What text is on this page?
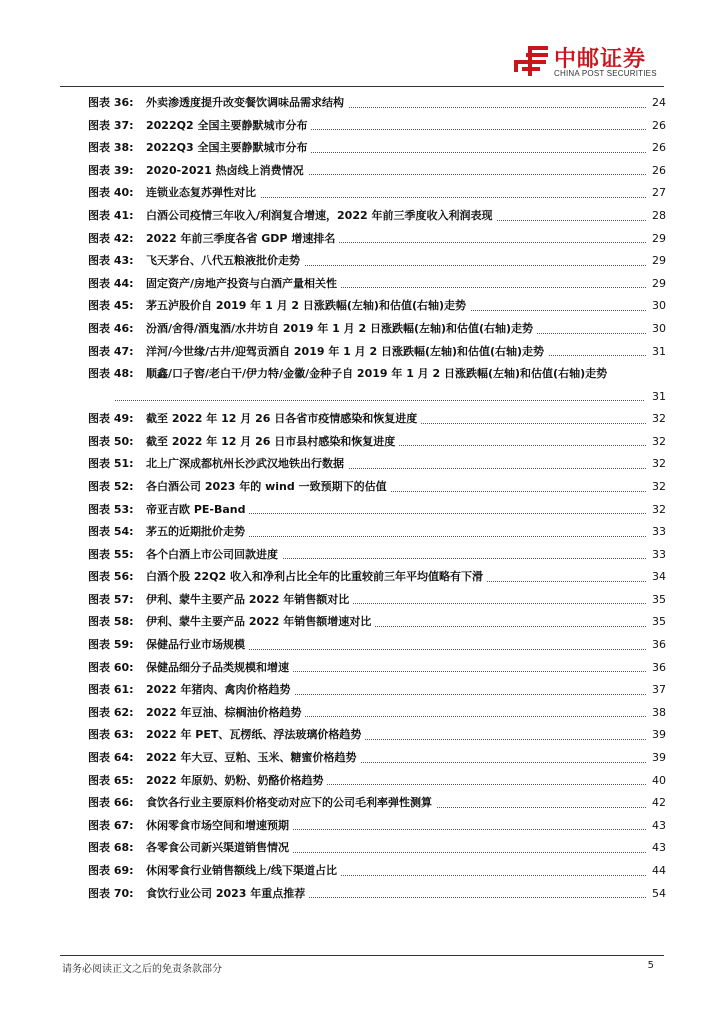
中邮证券
CHINA POST SECURITIES
图表 36:	外卖渗透度提升改变餐饮调味品需求结构	24
图表 37:	2022Q2 全国主要静默城市分布	26
图表 38:	2022Q3 全国主要静默城市分布	26
图表 39:	2020-2021 热卤线上消费情况	26
图表 40:	连锁业态复苏弹性对比	27
图表 41:	白酒公司疫情三年收入/利润复合增速，2022 年前三季度收入利润表现	28
图表 42:	2022 年前三季度各省 GDP 增速排名	29
图表 43:	飞天茅台、八代五粮液批价走势	29
图表 44:	固定资产/房地产投资与白酒产量相关性	29
图表 45:	茅五泸股价自 2019 年 1 月 2 日涨跌幅(左轴)和估值(右轴)走势	30
图表 46:	汾酒/舍得/酒鬼酒/水井坊自 2019 年 1 月 2 日涨跌幅(左轴)和估值(右轴)走势	30
图表 47:	洋河/今世缘/古井/迎驾贡酒自 2019 年 1 月 2 日涨跌幅(左轴)和估值(右轴)走势	31
图表 48:	顺鑫/口子窖/老白干/伊力特/金徽/金种子自 2019 年 1 月 2 日涨跌幅(左轴)和估值(右轴)走势
31
图表 49:	截至 2022 年 12 月 26 日各省市疫情感染和恢复进度	32
图表 50:	截至 2022 年 12 月 26 日市县村感染和恢复进度	32
图表 51:	北上广深成都杭州长沙武汉地铁出行数据	32
图表 52:	各白酒公司 2023 年的 wind 一致预期下的估值	32
图表 53:	帝亚吉欧 PE-Band	32
图表 54:	茅五的近期批价走势	33
图表 55:	各个白酒上市公司回款进度	33
图表 56:	白酒个股 22Q2 收入和净利占比全年的比重较前三年平均值略有下滑	34
图表 57:	伊利、蒙牛主要产品 2022 年销售额对比	35
图表 58:	伊利、蒙牛主要产品 2022 年销售额增速对比	35
图表 59:	保健品行业市场规模	36
图表 60:	保健品细分子品类规模和增速	36
图表 61:	2022 年猪肉、禽肉价格趋势	37
图表 62:	2022 年豆油、棕榈油价格趋势	38
图表 63:	2022 年 PET、瓦楞纸、浮法玻璃价格趋势	39
图表 64:	2022 年大豆、豆粕、玉米、糖蜜价格趋势	39
图表 65:	2022 年原奶、奶粉、奶酪价格趋势	40
图表 66:	食饮各行业主要原料价格变动对应下的公司毛利率弹性测算	42
图表 67:	休闲零食市场空间和增速预期	43
图表 68:	各零食公司新兴渠道销售情况	43
图表 69:	休闲零食行业销售额线上/线下渠道占比	44
图表 70:	食饮行业公司 2023 年重点推荐	54
请务必阅读正文之后的免责条款部分	5
